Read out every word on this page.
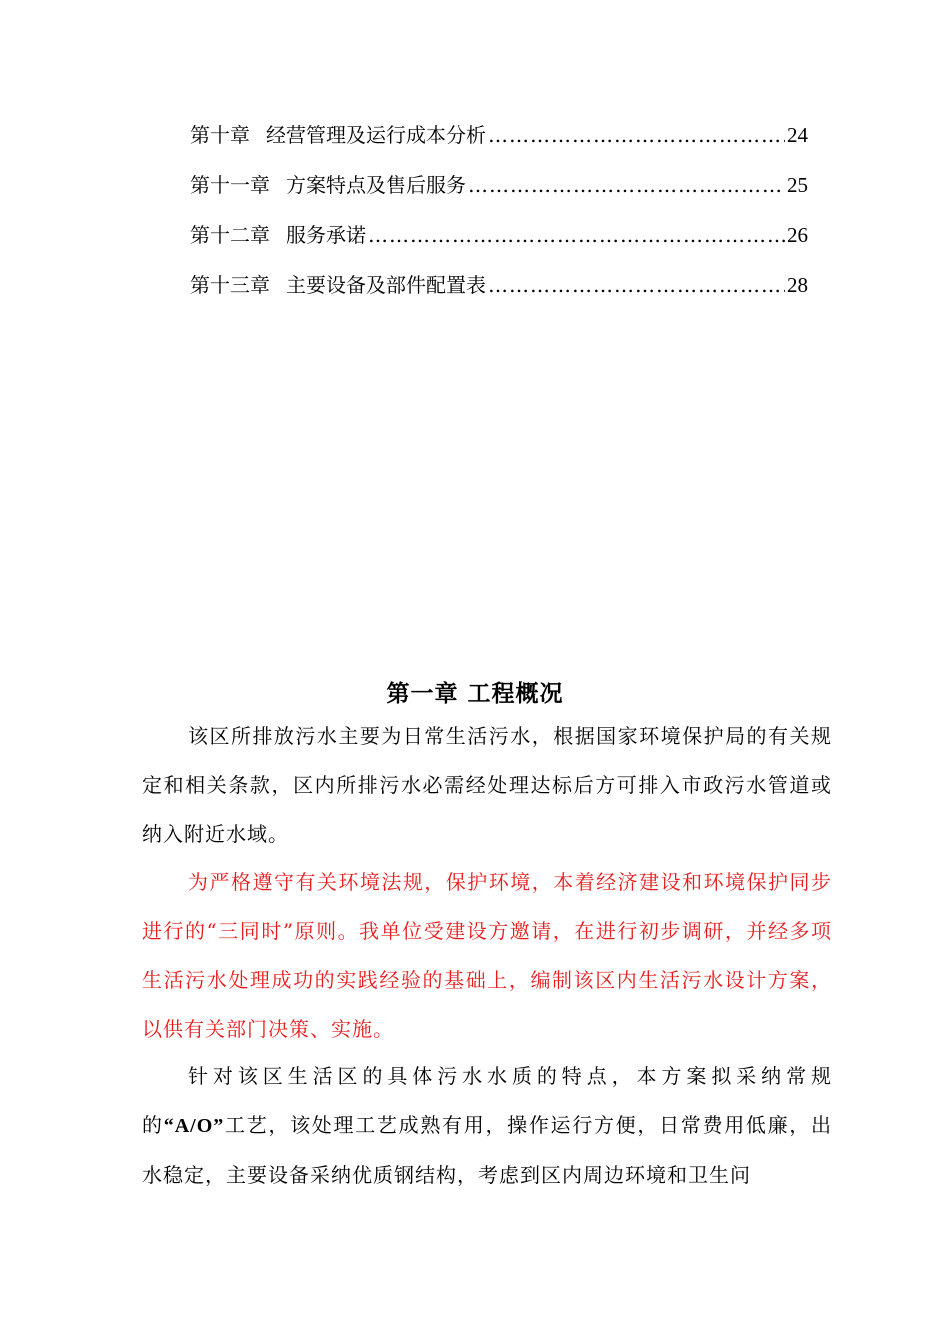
第十章 经营管理及运行成本分析 ……………………………………………………………………………………………………	24
第十一章 方案特点及售后服务 ……………………………………………………………………………………………………	25
第十二章 服务承诺 ……………………………………………………………………………………………………	26
第十三章 主要设备及部件配置表 ……………………………………………………………………………………………………	28
第一章 工程概况

该区所排放污水主要为日常生活污水，根据国家环境保护局的有关规定和相关条款，区内所排污水必需经处理达标后方可排入市政污水管道或纳入附近水域。

为严格遵守有关环境法规，保护环境，本着经济建设和环境保护同步进行的“三同时”原则。我单位受建设方邀请，在进行初步调研，并经多项生活污水处理成功的实践经验的基础上，编制该区内生活污水设计方案，以供有关部门决策、实施。

针对该区生活区的具体污水水质的特点，本方案拟采纳常规的“A/O”工艺，该处理工艺成熟有用，操作运行方便，日常费用低廉，出水稳定，主要设备采纳优质钢结构，考虑到区内周边环境和卫生问
